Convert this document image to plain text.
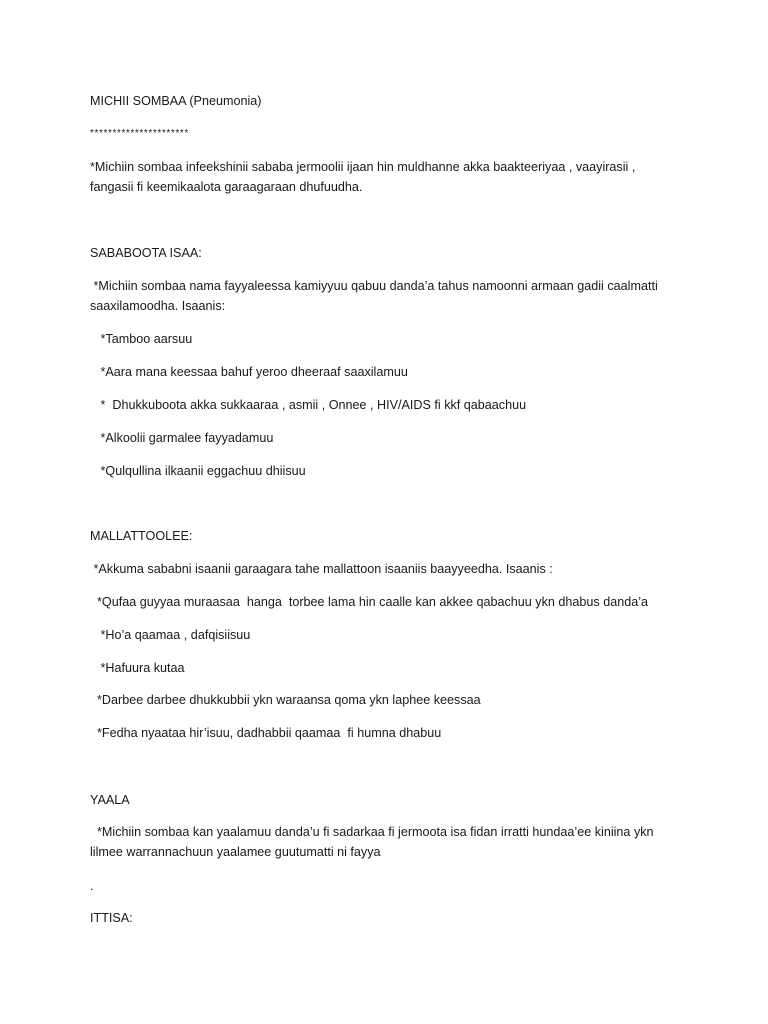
MICHII SOMBAA (Pneumonia)
**********************
*Michiin sombaa infeekshinii sababa jermoolii ijaan hin muldhanne akka baakteeriyaa , vaayirasii ,
fangasii fi keemikaalota garaagaraan dhufuudha.
SABABOOTA ISAA:
*Michiin sombaa nama fayyaleessa kamiyyuu qabuu danda’a tahus namoonni armaan gadii caalmatti
saaxilamoodha. Isaanis:
*Tamboo aarsuu
*Aara mana keessaa bahuf yeroo dheeraaf saaxilamuu
*  Dhukkuboota akka sukkaaraa , asmii , Onnee , HIV/AIDS fi kkf qabaachuu
*Alkoolii garmalee fayyadamuu
*Qulqullina ilkaanii eggachuu dhiisuu
MALLATTOOLEE:
*Akkuma sababni isaanii garaagara tahe mallattoon isaaniis baayyeedha. Isaanis :
*Qufaa guyyaa muraasaa  hanga  torbee lama hin caalle kan akkee qabachuu ykn dhabus danda’a
*Ho’a qaamaa , dafqisiisuu
*Hafuura kutaa
*Darbee darbee dhukkubbii ykn waraansa qoma ykn laphee keessaa
*Fedha nyaataa hir’isuu, dadhabbii qaamaa  fi humna dhabuu
YAALA
*Michiin sombaa kan yaalamuu danda’u fi sadarkaa fi jermoota isa fidan irratti hundaa’ee kiniina ykn
lilmee warrannachuun yaalamee guutumatti ni fayya
.
ITTISA:
